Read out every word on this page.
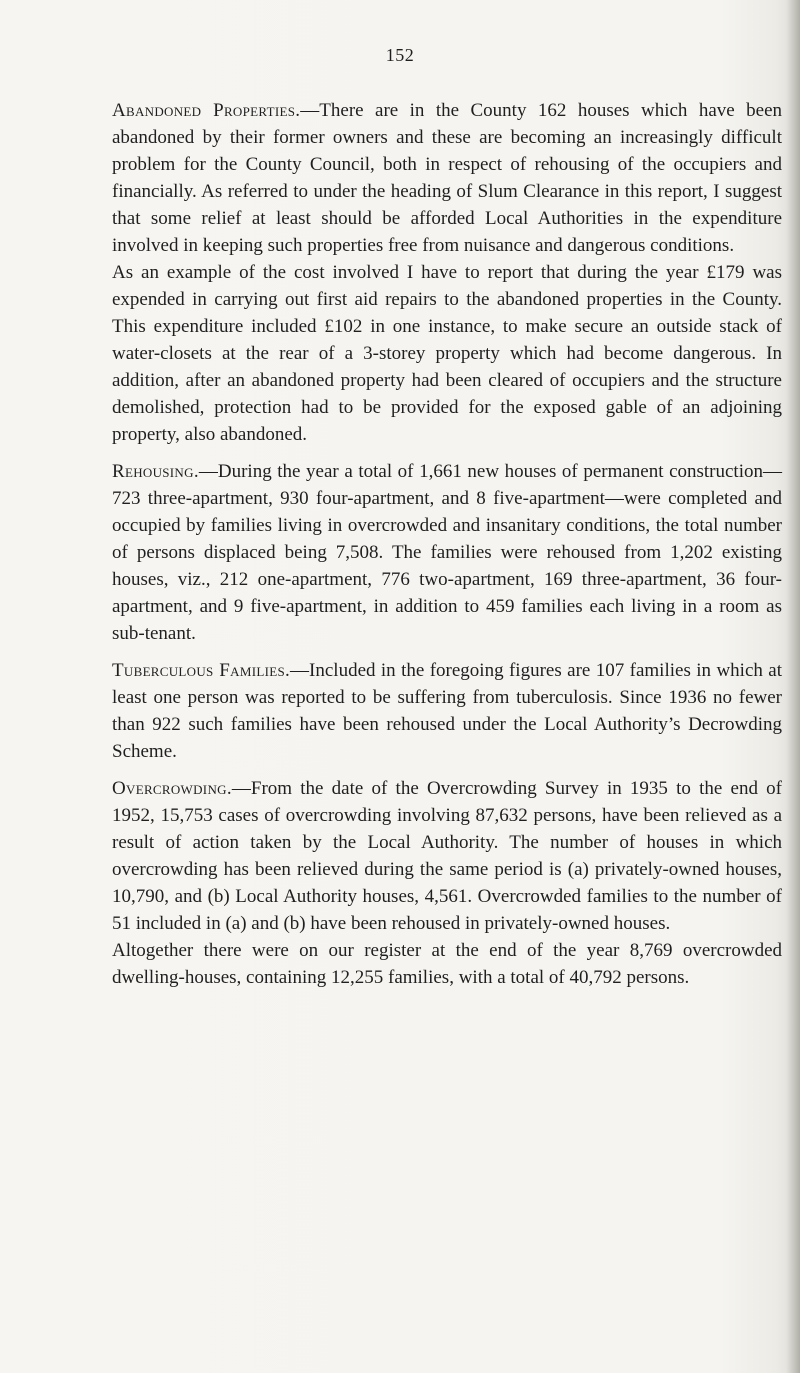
152

Abandoned Properties.—There are in the County 162 houses which have been abandoned by their former owners and these are becoming an increasingly difficult problem for the County Council, both in respect of rehousing of the occupiers and financially. As referred to under the heading of Slum Clearance in this report, I suggest that some relief at least should be afforded Local Authorities in the expenditure involved in keeping such properties free from nuisance and dangerous conditions.

As an example of the cost involved I have to report that during the year £179 was expended in carrying out first aid repairs to the abandoned properties in the County. This expenditure included £102 in one instance, to make secure an outside stack of water-closets at the rear of a 3-storey property which had become dangerous. In addition, after an abandoned property had been cleared of occupiers and the structure demolished, protection had to be provided for the exposed gable of an adjoining property, also abandoned.

Rehousing.—During the year a total of 1,661 new houses of permanent construction—723 three-apartment, 930 four-apartment, and 8 five-apartment—were completed and occupied by families living in overcrowded and insanitary conditions, the total number of persons displaced being 7,508. The families were rehoused from 1,202 existing houses, viz., 212 one-apartment, 776 two-apartment, 169 three-apartment, 36 four-apartment, and 9 five-apartment, in addition to 459 families each living in a room as sub-tenant.

Tuberculous Families.—Included in the foregoing figures are 107 families in which at least one person was reported to be suffering from tuberculosis. Since 1936 no fewer than 922 such families have been rehoused under the Local Authority’s Decrowding Scheme.

Overcrowding.—From the date of the Overcrowding Survey in 1935 to the end of 1952, 15,753 cases of overcrowding involving 87,632 persons, have been relieved as a result of action taken by the Local Authority. The number of houses in which overcrowding has been relieved during the same period is (a) privately-owned houses, 10,790, and (b) Local Authority houses, 4,561. Overcrowded families to the number of 51 included in (a) and (b) have been rehoused in privately-owned houses.

Altogether there were on our register at the end of the year 8,769 overcrowded dwelling-houses, containing 12,255 families, with a total of 40,792 persons.
